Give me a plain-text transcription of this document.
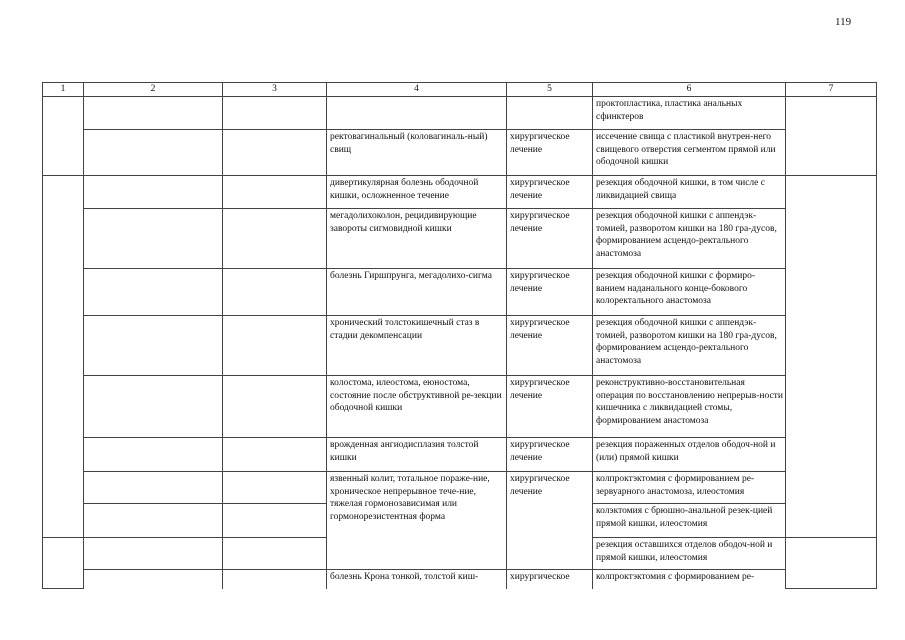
119
1	2	3	4	5	6	7
					проктопластика, пластика анальных сфинктеров	
			ректовагинальный (коловагиналь-ный) свищ	хирургическое лечение	иссечение свища с пластикой внутрен-него свищевого отверстия сегментом прямой или ободочной кишки	
			дивертикулярная болезнь ободочной кишки, осложненное течение	хирургическое лечение	резекция ободочной кишки, в том числе с ликвидацией свища	
			мегадолихоколон, рецидивирующие завороты сигмовидной кишки	хирургическое лечение	резекция ободочной кишки с аппендэк-томией, разворотом кишки на 180 гра-дусов, формированием асцендо-ректального анастомоза	
			болезнь Гиршпрунга, мегадолихо-сигма	хирургическое лечение	резекция ободочной кишки с формиро-ванием наданального конце-бокового колоректального анастомоза	
			хронический толстокишечный стаз в стадии декомпенсации	хирургическое лечение	резекция ободочной кишки с аппендэк-томией, разворотом кишки на 180 гра-дусов, формированием асцендо-ректального анастомоза	
			колостома, илеостома, еюностома, состояние после обструктивной ре-зекции ободочной кишки	хирургическое лечение	реконструктивно-восстановительная операция по восстановлению непрерыв-ности кишечника с ликвидацией стомы, формированием анастомоза	
			врожденная ангиодисплазия толстой кишки	хирургическое лечение	резекция пораженных отделов ободоч-ной и (или) прямой кишки	
			язвенный колит, тотальное пораже-ние, хроническое непрерывное тече-ние, тяжелая гормонозависимая или гормонорезистентная форма	хирургическое лечение	колпроктэктомия с формированием ре-зервуарного анастомоза, илеостомия	
					колэктомия с брюшно-анальной резек-цией прямой кишки, илеостомия	
					резекция оставшихся отделов ободоч-ной и прямой кишки, илеостомия	
			болезнь Крона тонкой, толстой киш-	хирургическое	колпроктэктомия с формированием ре-	
